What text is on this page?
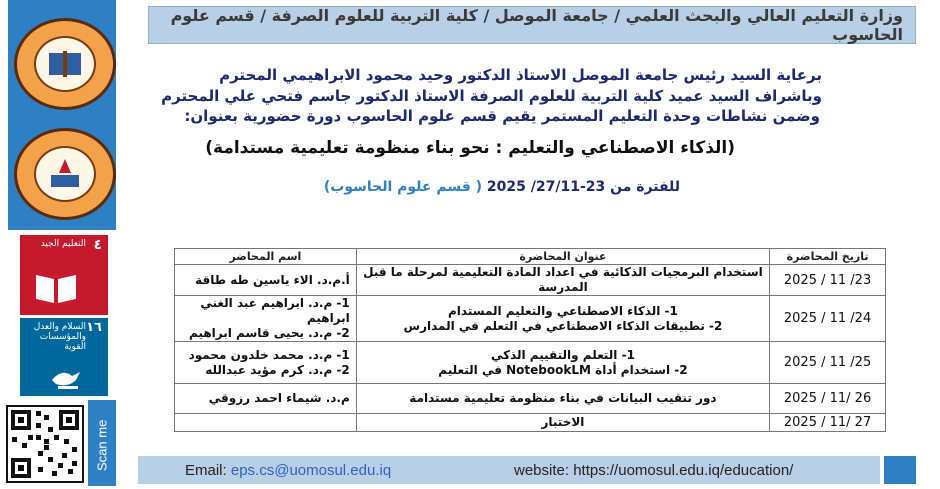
٤
التعليم الجيد
١٦
السلام والعدل والمؤسسات القوية
Scan me
وزارة التعليم العالي والبحث العلمي / جامعة الموصل / كلية التربية للعلوم الصرفة / قسم علوم الحاسوب
برعاية السيد رئيس جامعة الموصل الاستاذ الدكتور وحيد محمود الابراهيمي المحترم
وباشراف السيد عميد كلية التربية للعلوم الصرفة الاستاذ الدكتور جاسم فتحي علي المحترم
وضمن نشاطات وحدة التعليم المستمر يقيم قسم علوم الحاسوب دورة حضورية بعنوان:
(الذكاء الاصطناعي والتعليم : نحو بناء منظومة تعليمية مستدامة)
للفترة من 23-27/11/ 2025 ( قسم علوم الحاسوب)
تاريخ المحاضرة	عنوان المحاضرة	اسم المحاضر
2025 / 11 /23	استخدام البرمجيات الذكائية في اعداد المادة التعليمية لمرحلة ما قبل المدرسة	أ.م.د. الاء ياسين طه طاقة

2025 / 11 /24	1- الذكاء الاصطناعي والتعليم المستدام
2- تطبيقات الذكاء الاصطناعي في التعلم في المدارس	1- م.د. ابراهيم عبد الغني ابراهيم
2- م.د. يحيى قاسم ابراهيم

2025 / 11 /25	1- التعلم والتقييم الذكي
2- استخدام أداة NotebookLM في التعليم	1- م.د. محمد خلدون محمود
2- م.د. كرم مؤيد عبدالله

2025 / 11/ 26	دور تنقيب البيانات في بناء منظومة تعليمية مستدامة	م.د. شيماء احمد رزوقي

2025 / 11/ 27	الاختبار	

Email: eps.cs@uomosul.edu.iq	website: https://uomosul.edu.iq/education/
